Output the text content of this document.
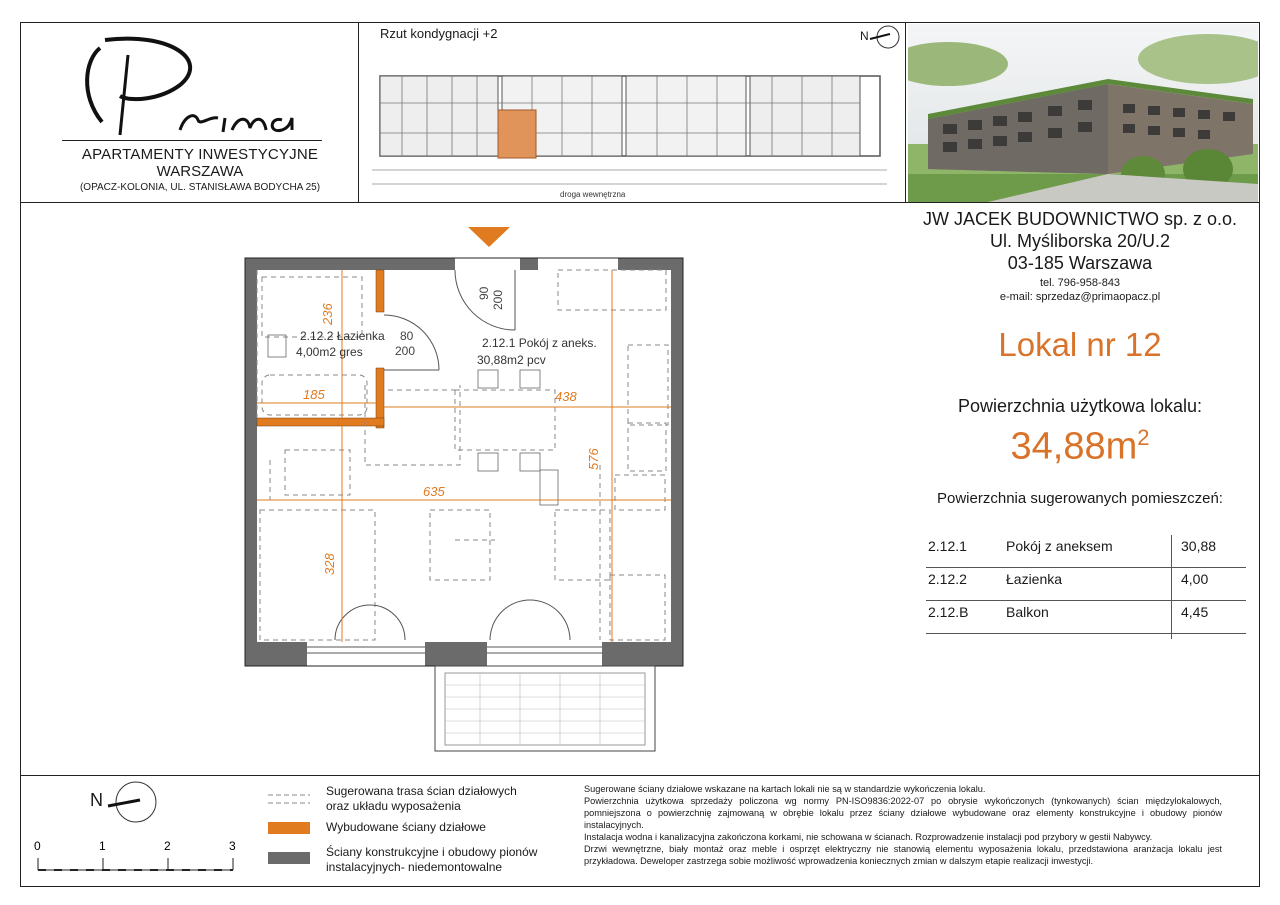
APARTAMENTY INWESTYCYJNE
WARSZAWA
(OPACZ-KOLONIA, UL. STANISŁAWA BODYCHA 25)
Rzut kondygnacji +2	N
droga wewnętrzna
JW JACEK BUDOWNICTWO sp. z o.o.
Ul. Myśliborska 20/U.2
03-185 Warszawa
tel. 796-958-843
e-mail: sprzedaz@primaopacz.pl
Lokal nr 12
Powierzchnia użytkowa lokalu:
$34,88m^2$
Powierzchnia sugerowanych pomieszczeń:
2.12.1	Pokój z aneksem	30,88
2.12.2	Łazienka	4,00
2.12.B	Balkon	4,45
2.12.2 Łazienka
4,00m2 gres
2.12.1 Pokój z aneks.
30,88m2 pcv
90 200
80
200
236
185	438
576
635
328
N
0	1	2	3
Sugerowana trasa ścian działowych
oraz układu wyposażenia
Wybudowane ściany działowe
Ściany konstrukcyjne i obudowy pionów
instalacyjnych- niedemontowalne

Sugerowane ściany działowe wskazane na kartach lokali nie są w standardzie wykończenia lokalu.

Powierzchnia użytkowa sprzedaży policzona wg normy PN-ISO9836:2022-07 po obrysie wykończonych (tynkowanych) ścian międzylokalowych, pomniejszona o powierzchnię zajmowaną w obrębie lokalu przez ściany działowe wybudowane oraz elementy konstrukcyjne i obudowy pionów instalacyjnych.

Instalacja wodna i kanalizacyjna zakończona korkami, nie schowana w ścianach. Rozprowadzenie instalacji pod przybory w gestii Nabywcy.

Drzwi wewnętrzne, biały montaż oraz meble i osprzęt elektryczny nie stanowią elementu wyposażenia lokalu, przedstawiona aranżacja lokalu jest przykładowa. Deweloper zastrzega sobie możliwość wprowadzenia koniecznych zmian w dalszym etapie realizacji inwestycji.
